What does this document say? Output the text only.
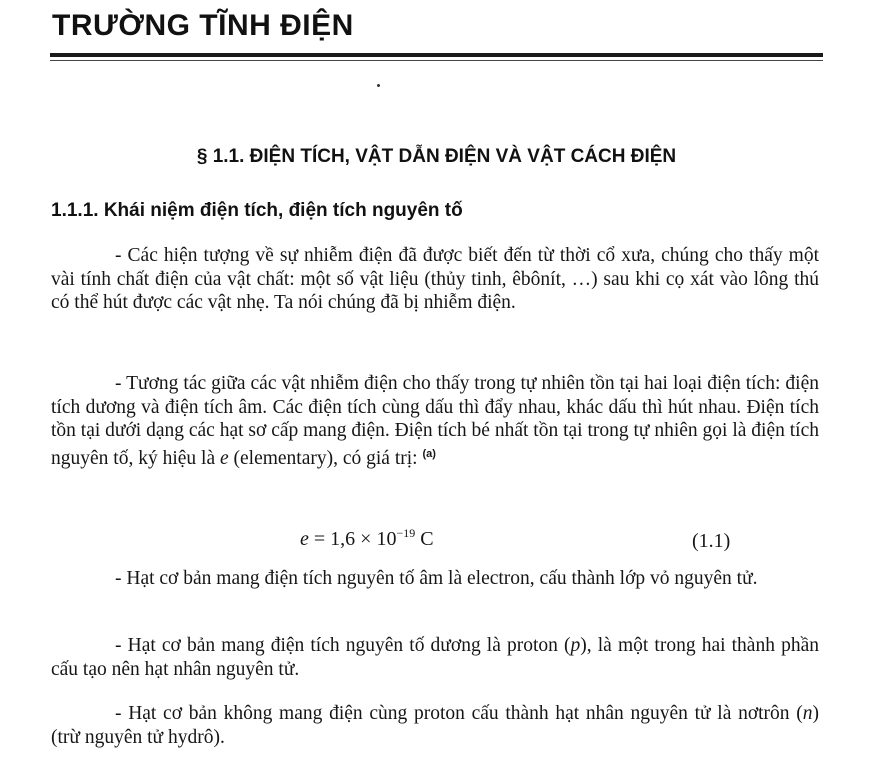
TRƯỜNG TĨNH ĐIỆN
§ 1.1. ĐIỆN TÍCH, VẬT DẪN ĐIỆN VÀ VẬT CÁCH ĐIỆN
1.1.1. Khái niệm điện tích, điện tích nguyên tố

- Các hiện tượng về sự nhiễm điện đã được biết đến từ thời cổ xưa, chúng cho thấy một vài tính chất điện của vật chất: một số vật liệu (thủy tinh, êbônít, …) sau khi cọ xát vào lông thú có thể hút được các vật nhẹ. Ta nói chúng đã bị nhiễm điện.

- Tương tác giữa các vật nhiễm điện cho thấy trong tự nhiên tồn tại hai loại điện tích: điện tích dương và điện tích âm. Các điện tích cùng dấu thì đẩy nhau, khác dấu thì hút nhau. Điện tích tồn tại dưới dạng các hạt sơ cấp mang điện. Điện tích bé nhất tồn tại trong tự nhiên gọi là điện tích nguyên tố, ký hiệu là e (elementary), có giá trị: $^{(a)}$

$e = 1,6 \times 10^{-19}$ C	(1.1)

- Hạt cơ bản mang điện tích nguyên tố âm là electron, cấu thành lớp vỏ nguyên tử.

- Hạt cơ bản mang điện tích nguyên tố dương là proton (p), là một trong hai thành phần cấu tạo nên hạt nhân nguyên tử.

- Hạt cơ bản không mang điện cùng proton cấu thành hạt nhân nguyên tử là nơtrôn (n) (trừ nguyên tử hydrô).
